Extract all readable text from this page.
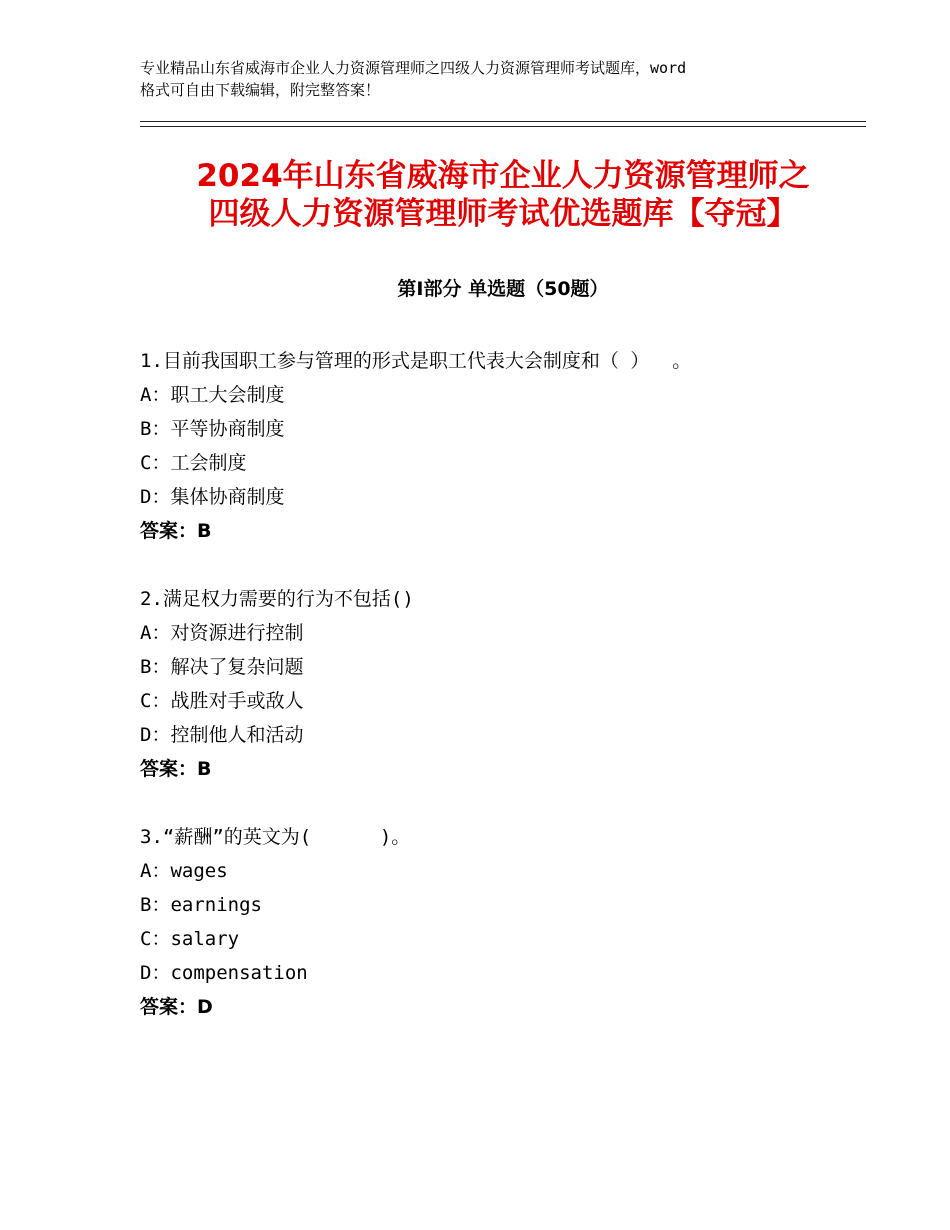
专业精品山东省威海市企业人力资源管理师之四级人力资源管理师考试题库，word
格式可自由下载编辑，附完整答案！
2024年山东省威海市企业人力资源管理师之
四级人力资源管理师考试优选题库【夺冠】
第Ⅰ部分 单选题（50题）
1.目前我国职工参与管理的形式是职工代表大会制度和（ ）  。
A：职工大会制度
B：平等协商制度
C：工会制度
D：集体协商制度
答案：B
2.满足权力需要的行为不包括()
A：对资源进行控制
B：解决了复杂问题
C：战胜对手或敌人
D：控制他人和活动
答案：B
3.“薪酬”的英文为(      )。
A：wages
B：earnings
C：salary
D：compensation
答案：D
